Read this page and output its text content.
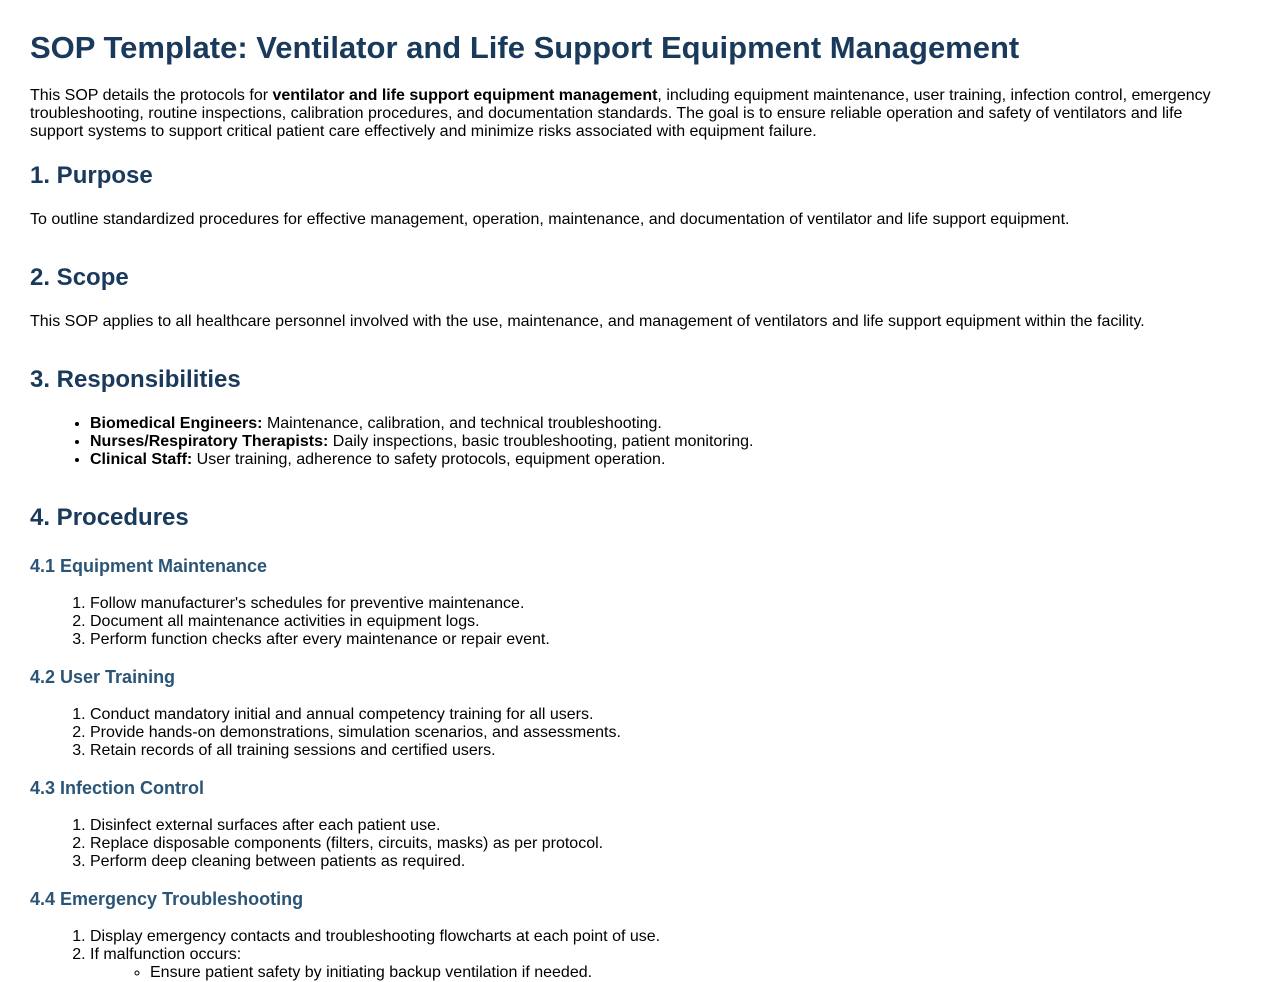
SOP Template: Ventilator and Life Support Equipment Management

This SOP details the protocols for ventilator and life support equipment management, including equipment maintenance, user training, infection control, emergency troubleshooting, routine inspections, calibration procedures, and documentation standards. The goal is to ensure reliable operation and safety of ventilators and life support systems to support critical patient care effectively and minimize risks associated with equipment failure.

1. Purpose

To outline standardized procedures for effective management, operation, maintenance, and documentation of ventilator and life support equipment.

2. Scope

This SOP applies to all healthcare personnel involved with the use, maintenance, and management of ventilators and life support equipment within the facility.

3. Responsibilities
• Biomedical Engineers: Maintenance, calibration, and technical troubleshooting.
• Nurses/Respiratory Therapists: Daily inspections, basic troubleshooting, patient monitoring.
• Clinical Staff: User training, adherence to safety protocols, equipment operation.
4. Procedures
4.1 Equipment Maintenance
1. Follow manufacturer's schedules for preventive maintenance.
2. Document all maintenance activities in equipment logs.
3. Perform function checks after every maintenance or repair event.
4.2 User Training
1. Conduct mandatory initial and annual competency training for all users.
2. Provide hands-on demonstrations, simulation scenarios, and assessments.
3. Retain records of all training sessions and certified users.
4.3 Infection Control
1. Disinfect external surfaces after each patient use.
2. Replace disposable components (filters, circuits, masks) as per protocol.
3. Perform deep cleaning between patients as required.
4.4 Emergency Troubleshooting
1. Display emergency contacts and troubleshooting flowcharts at each point of use.
2. If malfunction occurs:
◦ Ensure patient safety by initiating backup ventilation if needed.
